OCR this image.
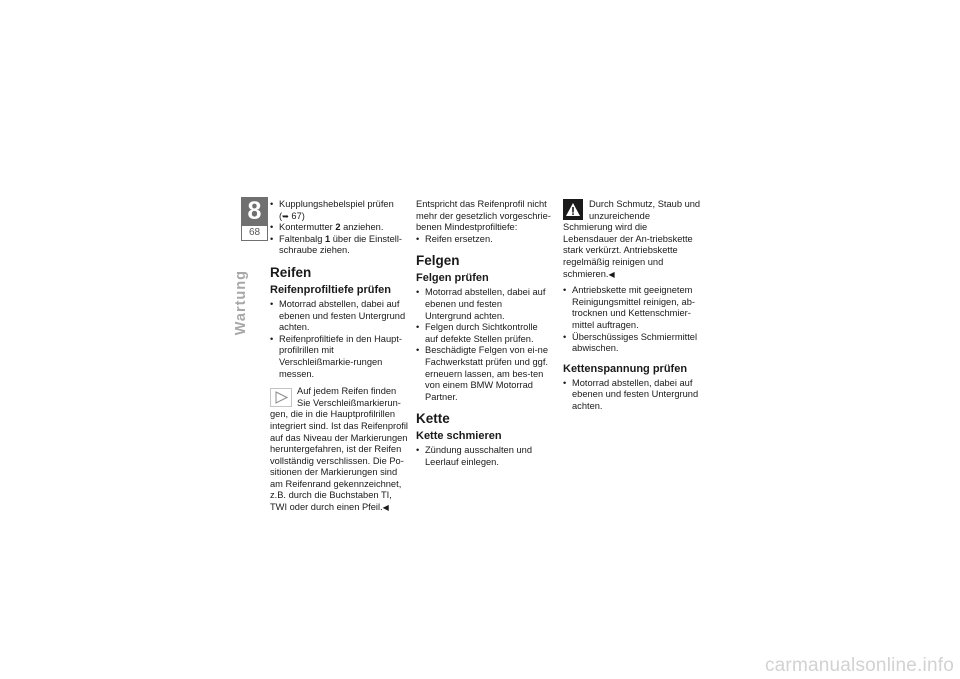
8
68
Wartung

• Kupplungshebelspiel prüfen
(➥ 67)

• Kontermutter 2 anziehen.

• Faltenbalg 1 über die Einstell-schraube ziehen.

Reifen
Reifenprofiltiefe prüfen

• Motorrad abstellen, dabei auf ebenen und festen Untergrund achten.

• Reifenprofiltiefe in den Haupt-profilrillen mit Verschleißmarkie-rungen messen.

Auf jedem Reifen finden Sie Verschleißmarkierun-gen, die in die Hauptprofilrillen integriert sind. Ist das Reifenprofil auf das Niveau der Markierungen heruntergefahren, ist der Reifen vollständig verschlissen. Die Po-sitionen der Markierungen sind am Reifenrand gekennzeichnet, z.B. durch die Buchstaben TI, TWI oder durch einen Pfeil.◀

Entspricht das Reifenprofil nicht mehr der gesetzlich vorgeschrie-benen Mindestprofiltiefe:

• Reifen ersetzen.

Felgen
Felgen prüfen

• Motorrad abstellen, dabei auf ebenen und festen Untergrund achten.

• Felgen durch Sichtkontrolle auf defekte Stellen prüfen.

• Beschädigte Felgen von ei-ne Fachwerkstatt prüfen und ggf. erneuern lassen, am bes-ten von einem BMW Motorrad Partner.

Kette
Kette schmieren

• Zündung ausschalten und Leerlauf einlegen.

Durch Schmutz, Staub und unzureichende Schmierung wird die Lebensdauer der An-triebskette stark verkürzt. Antriebskette regelmäßig reinigen und schmieren.◀

• Antriebskette mit geeignetem Reinigungsmittel reinigen, ab-trocknen und Kettenschmier-mittel auftragen.

• Überschüssiges Schmiermittel abwischen.

Kettenspannung prüfen

• Motorrad abstellen, dabei auf ebenen und festen Untergrund achten.

carmanualsonline.info
